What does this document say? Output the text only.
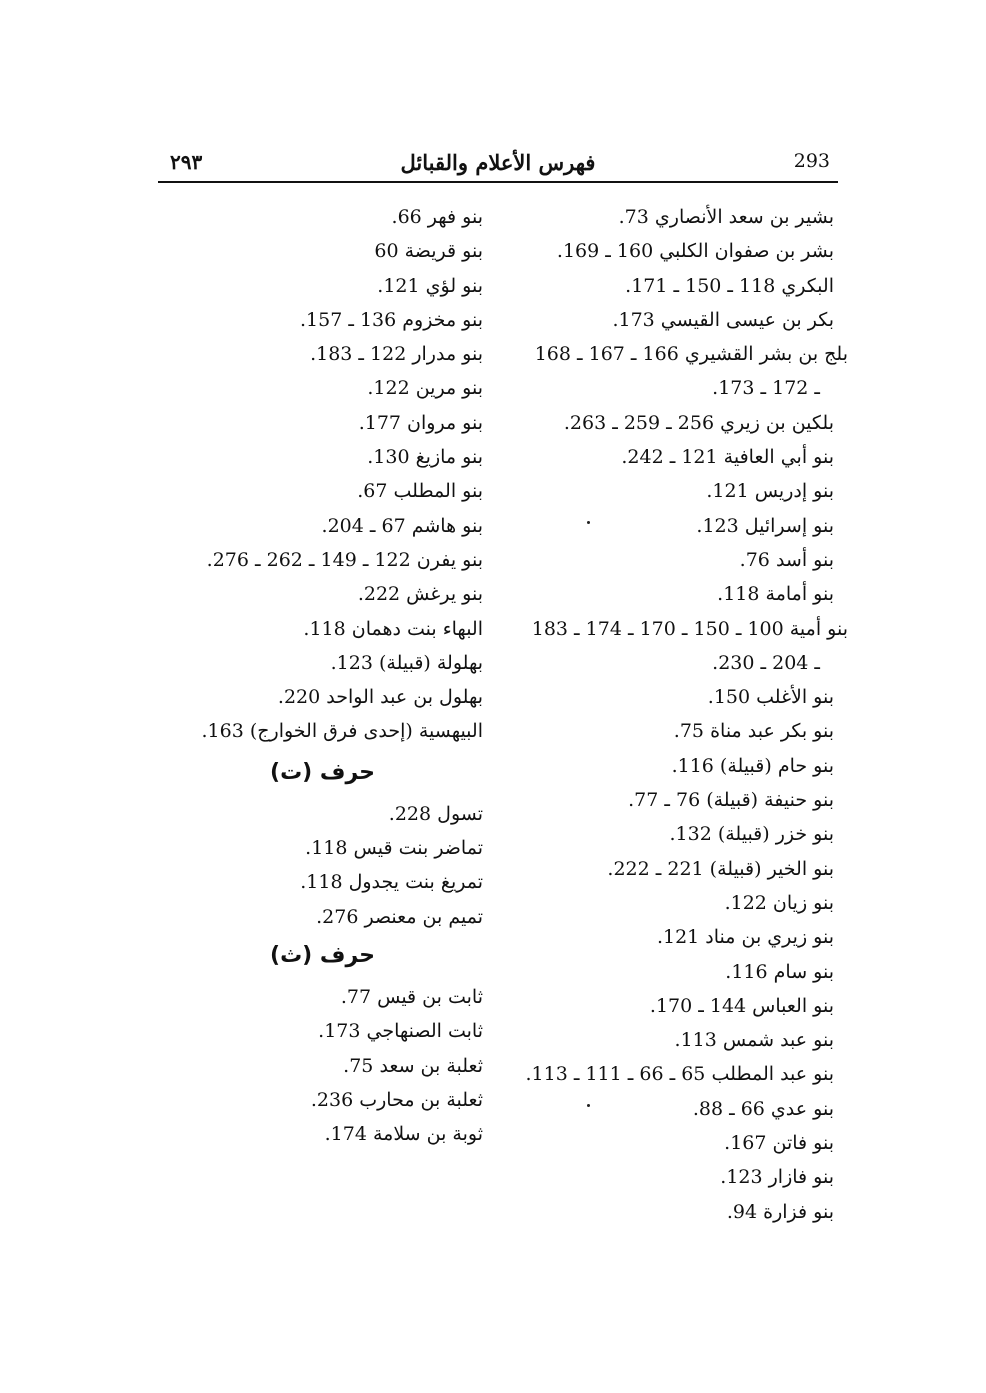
٢٩٣	فهرس الأعلام والقبائل	293
بشير بن سعد الأنصاري 73.
بشر بن صفوان الكلبي 160 ـ 169.
البكري 118 ـ 150 ـ 171.
بكر بن عيسى القيسي 173.
بلج بن بشر القشيري 166 ـ 167 ـ 168
ـ 172 ـ 173.
بلكين بن زيري 256 ـ 259 ـ 263.
بنو أبي العافية 121 ـ 242.
بنو إدريس 121.
بنو إسرائيل 123.
بنو أسد 76.
بنو أمامة 118.
بنو أمية 100 ـ 150 ـ 170 ـ 174 ـ 183
ـ 204 ـ 230.
بنو الأغلب 150.
بنو بكر عبد مناة 75.
بنو حام (قبيلة) 116.
بنو حنيفة (قبيلة) 76 ـ 77.
بنو خزر (قبيلة) 132.
بنو الخير (قبيلة) 221 ـ 222.
بنو زيان 122.
بنو زيري بن مناد 121.
بنو سام 116.
بنو العباس 144 ـ 170.
بنو عبد شمس 113.
بنو عبد المطلب 65 ـ 66 ـ 111 ـ 113.
بنو عدي 66 ـ 88.
بنو فاتن 167.
بنو فازار 123.
بنو فزارة 94.
بنو فهر 66.
بنو قريضة 60
بنو لؤي 121.
بنو مخزوم 136 ـ 157.
بنو مدرار 122 ـ 183.
بنو مرين 122.
بنو مروان 177.
بنو مازيغ 130.
بنو المطلب 67.
بنو هاشم 67 ـ 204.
بنو يفرن 122 ـ 149 ـ 262 ـ 276.
بنو يرغش 222.
البهاء بنت دهمان 118.
بهلولة (قبيلة) 123.
بهلول بن عبد الواحد 220.
البيهسية (إحدى فرق الخوارج) 163.
حرف (ت)
تسول 228.
تماضر بنت قيس 118.
تمريغ بنت يجدول 118.
تميم بن معنصر 276.
حرف (ث)
ثابت بن قيس 77.
ثابت الصنهاجي 173.
ثعلبة بن سعد 75.
ثعلبة بن محارب 236.
ثوبة بن سلامة 174.
